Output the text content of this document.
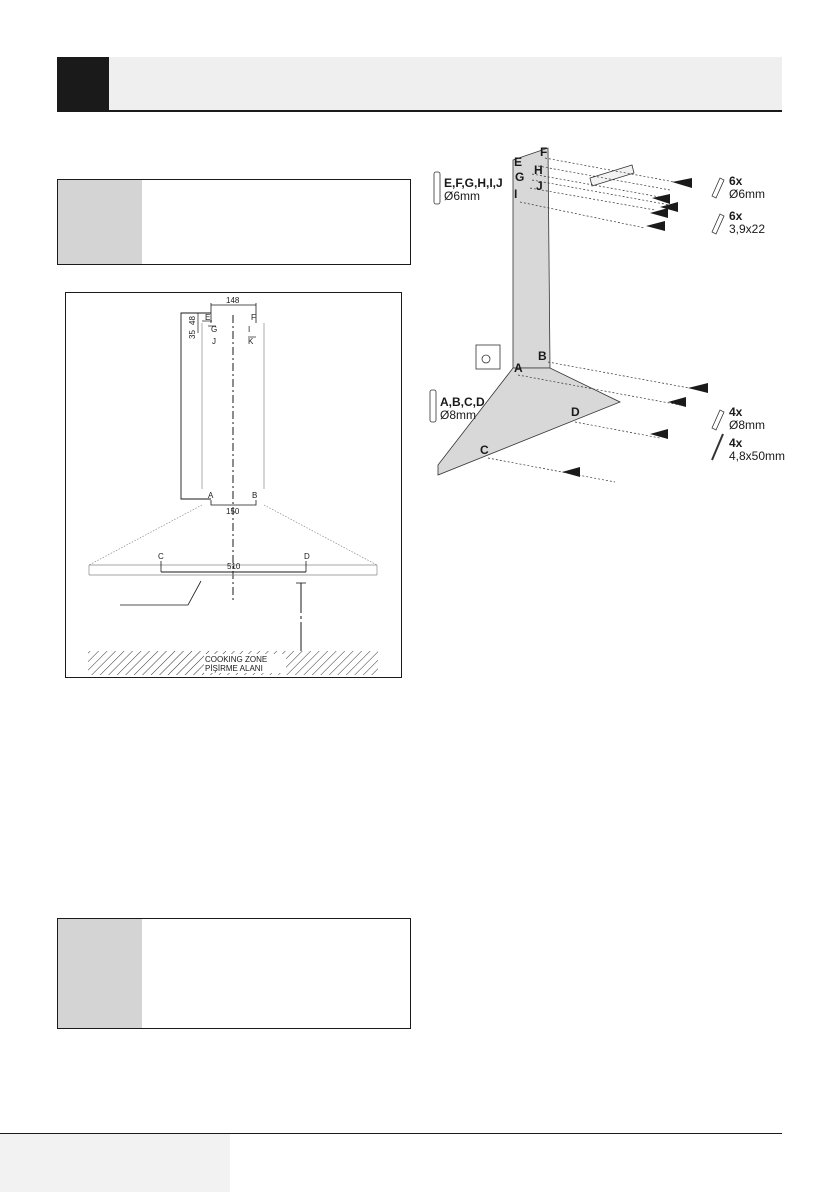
148
48
35
E	F
G	I
J	K
A	B
150
C	D
510
COOKING ZONE
PİŞİRME ALANI
F
E
H
G
J
I
B
A
D
C
E,F,G,H,I,J
Ø6mm
A,B,C,D
Ø8mm
6x
Ø6mm
6x
3,9x22
4x
Ø8mm
4x
4,8x50mm
